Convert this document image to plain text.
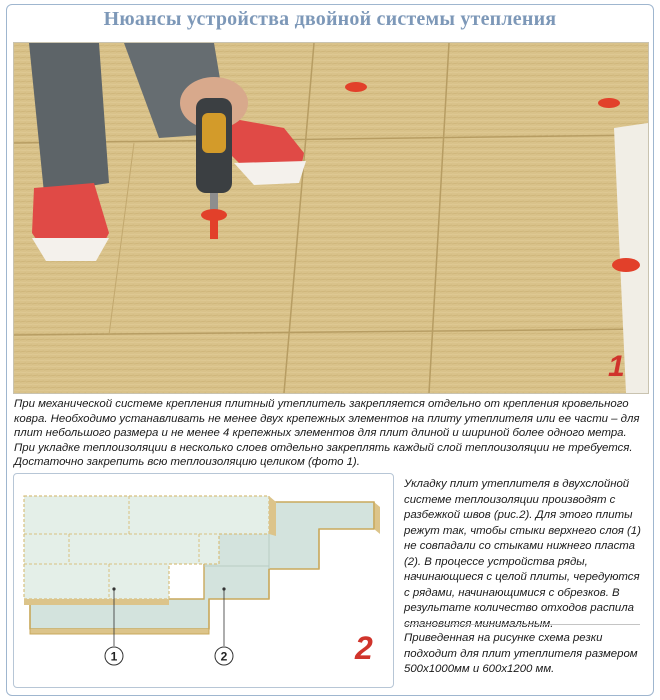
Нюансы устройства двойной системы утепления
1

При механической системе крепления плитный утеплитель закрепляется отдельно от крепления кровельного ковра. Необходимо устанавливать не менее двух крепежных элементов на плиту утеплителя или ее части – для плит небольшого размера и не менее 4 крепежных элементов для плит длиной и шириной более одного метра. При укладке теплоизоляции в несколько слоев отдельно закреплять каждый слой теплоизоляции не требуется. Достаточно закрепить всю теплоизоляцию целиком (фото 1).

1	2	2

Укладку плит утеплителя в двухслойной системе теплоизоляции производят с разбежкой швов (рис.2). Для этого плиты режут так, чтобы стыки верхнего слоя (1) не совпадали со стыками нижнего пласта (2). В процессе устройства ряды, начинающиеся с целой плиты, чередуются с рядами, начинающимися с обрезков. В результате количество отходов распила становится минимальным.

Приведенная на рисунке схема резки подходит для плит утеплителя размером 500х1000мм и 600х1200 мм.
